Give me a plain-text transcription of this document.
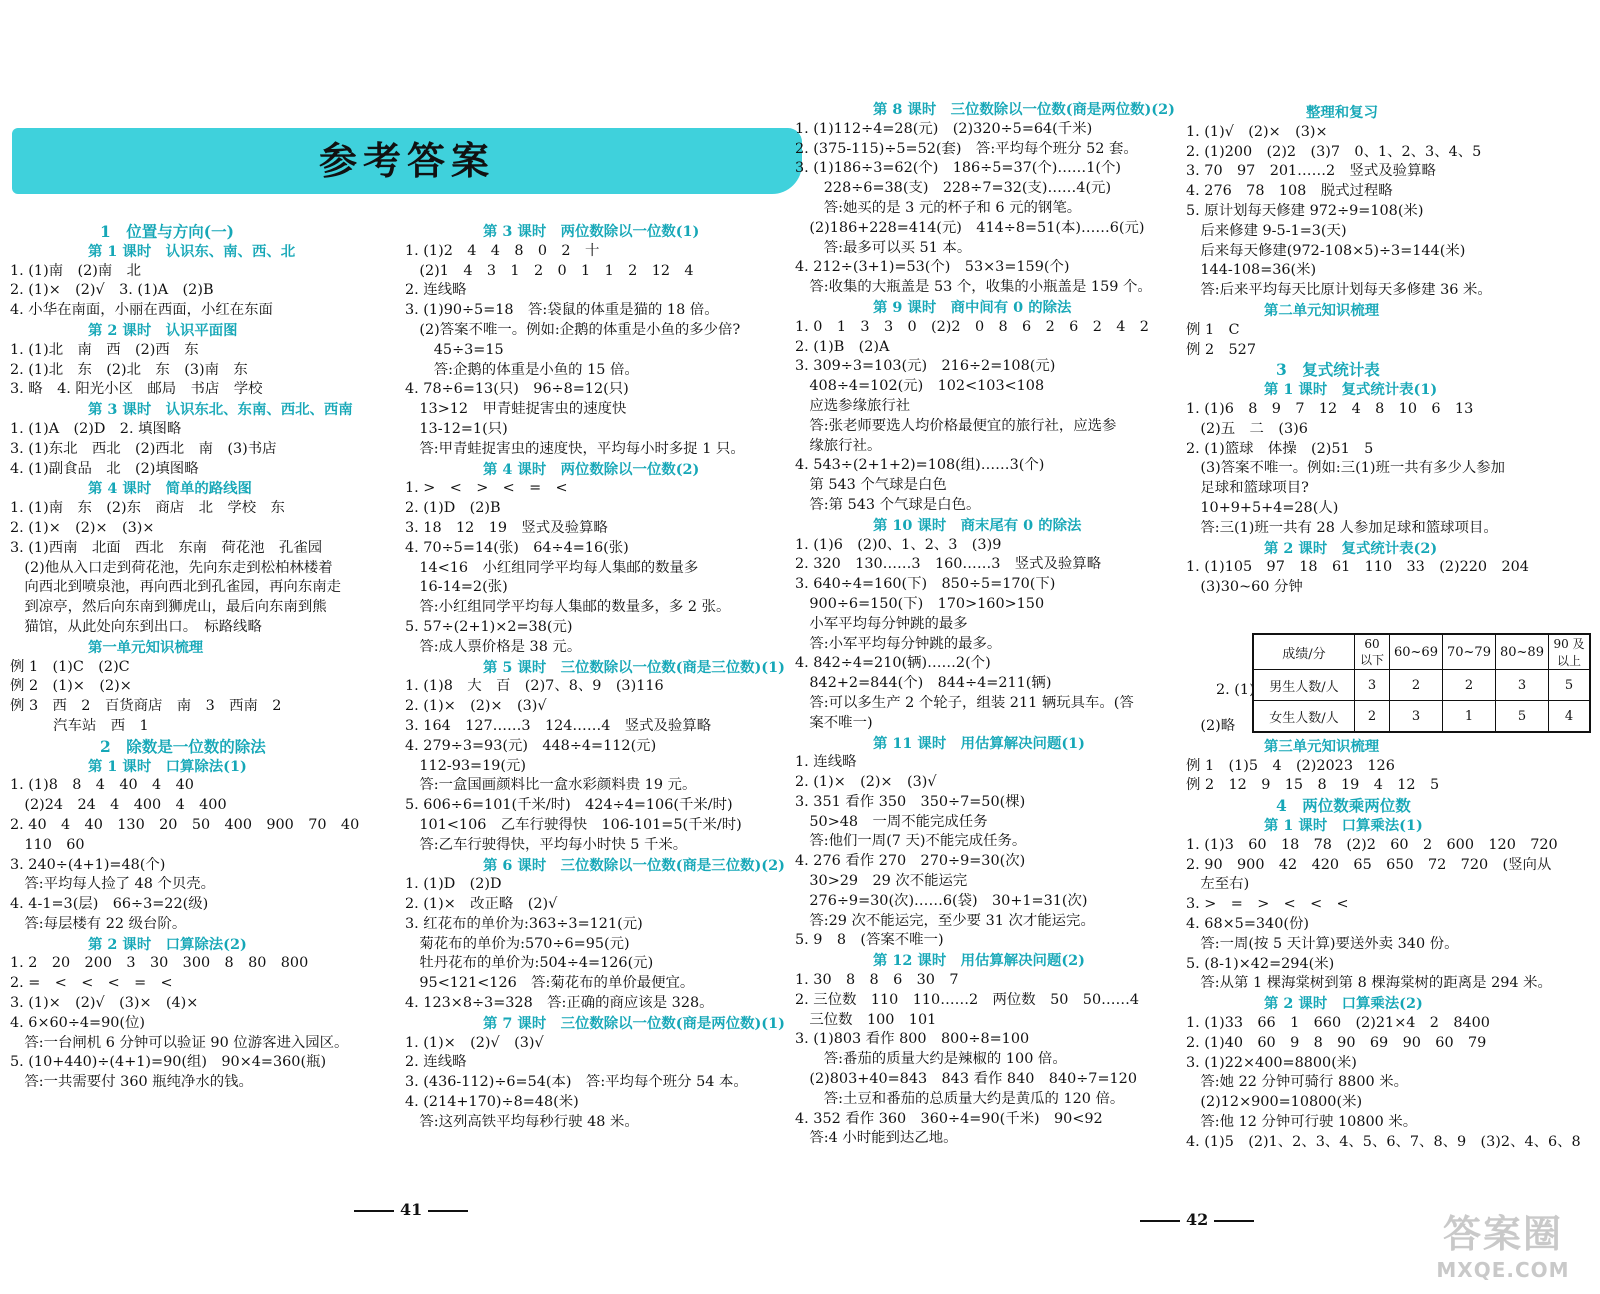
参考答案
1　位置与方向(一)
第 1 课时　认识东、南、西、北
1. (1)南　(2)南　北
2. (1)×　(2)√　3. (1)A　(2)B
4. 小华在南面，小丽在西面，小红在东面
第 2 课时　认识平面图
1. (1)北　南　西　(2)西　东
2. (1)北　东　(2)北　东　(3)南　东
3. 略　4. 阳光小区　邮局　书店　学校
第 3 课时　认识东北、东南、西北、西南
1. (1)A　(2)D　2. 填图略
3. (1)东北　西北　(2)西北　南　(3)书店
4. (1)副食品　北　(2)填图略
第 4 课时　简单的路线图
1. (1)南　东　(2)东　商店　北　学校　东
2. (1)×　(2)×　(3)×
3. (1)西南　北面　西北　东南　荷花池　孔雀园
　(2)他从入口走到荷花池，先向东走到松柏林楼着
　向西北到喷泉池，再向西北到孔雀园，再向东南走
　到凉亭，然后向东南到狮虎山，最后向东南到熊
　猫馆，从此处向东到出口。　标路线略
第一单元知识梳理
例 1　(1)C　(2)C
例 2　(1)×　(2)×
例 3　西　2　百货商店　南　3　西南　2
　　　汽车站　西　1
2　除数是一位数的除法
第 1 课时　口算除法(1)
1. (1)8　8　4　40　4　40
　(2)24　24　4　400　4　400
2. 40　4　40　130　20　50　400　900　70　40
　110　60
3. 240÷(4+1)=48(个)
　答:平均每人捡了 48 个贝壳。
4. 4-1=3(层)　66÷3=22(级)
　答:每层楼有 22 级台阶。
第 2 课时　口算除法(2)
1. 2　20　200　3　30　300　8　80　800
2. =　<　<　<　=　<
3. (1)×　(2)√　(3)×　(4)×
4. 6×60÷4=90(位)
　答:一台闸机 6 分钟可以验证 90 位游客进入园区。
5. (10+440)÷(4+1)=90(组)　90×4=360(瓶)
　答:一共需要付 360 瓶纯净水的钱。
第 3 课时　两位数除以一位数(1)
1. (1)2　4　4　8　0　2　十
　(2)1　4　3　1　2　0　1　1　2　12　4
2. 连线略
3. (1)90÷5=18　答:袋鼠的体重是猫的 18 倍。
　(2)答案不唯一。例如:企鹅的体重是小鱼的多少倍?
　　45÷3=15
　　答:企鹅的体重是小鱼的 15 倍。
4. 78÷6=13(只)　96÷8=12(只)
　13>12　甲青蛙捉害虫的速度快
　13-12=1(只)
　答:甲青蛙捉害虫的速度快，平均每小时多捉 1 只。
第 4 课时　两位数除以一位数(2)
1. >　<　>　<　=　<
2. (1)D　(2)B
3. 18　12　19　竖式及验算略
4. 70÷5=14(张)　64÷4=16(张)
　14<16　小红组同学平均每人集邮的数量多
　16-14=2(张)
　答:小红组同学平均每人集邮的数量多，多 2 张。
5. 57÷(2+1)×2=38(元)
　答:成人票价格是 38 元。
第 5 课时　三位数除以一位数(商是三位数)(1)
1. (1)8　大　百　(2)7、8、9　(3)116
2. (1)×　(2)×　(3)√
3. 164　127……3　124……4　竖式及验算略
4. 279÷3=93(元)　448÷4=112(元)
　112-93=19(元)
　答:一盒国画颜料比一盒水彩颜料贵 19 元。
5. 606÷6=101(千米/时)　424÷4=106(千米/时)
　101<106　乙车行驶得快　106-101=5(千米/时)
　答:乙车行驶得快，平均每小时快 5 千米。
第 6 课时　三位数除以一位数(商是三位数)(2)
1. (1)D　(2)D
2. (1)×　改正略　(2)√
3. 红花布的单价为:363÷3=121(元)
　菊花布的单价为:570÷6=95(元)
　牡丹花布的单价为:504÷4=126(元)
　95<121<126　答:菊花布的单价最便宜。
4. 123×8÷3=328　答:正确的商应该是 328。
第 7 课时　三位数除以一位数(商是两位数)(1)
1. (1)×　(2)√　(3)√
2. 连线略
3. (436-112)÷6=54(本)　答:平均每个班分 54 本。
4. (214+170)÷8=48(米)
　答:这列高铁平均每秒行驶 48 米。
第 8 课时　三位数除以一位数(商是两位数)(2)
1. (1)112÷4=28(元)　(2)320÷5=64(千米)
2. (375-115)÷5=52(套)　答:平均每个班分 52 套。
3. (1)186÷3=62(个)　186÷5=37(个)……1(个)
　　228÷6=38(支)　228÷7=32(支)……4(元)
　　答:她买的是 3 元的杯子和 6 元的钢笔。
　(2)186+228=414(元)　414÷8=51(本)……6(元)
　　答:最多可以买 51 本。
4. 212÷(3+1)=53(个)　53×3=159(个)
　答:收集的大瓶盖是 53 个，收集的小瓶盖是 159 个。
第 9 课时　商中间有 0 的除法
1. 0　1　3　3　0　(2)2　0　8　6　2　6　2　4　2
2. (1)B　(2)A
3. 309÷3=103(元)　216÷2=108(元)
　408÷4=102(元)　102<103<108
　应选参缘旅行社
　答:张老师要选人均价格最便宜的旅行社，应选参
　缘旅行社。
4. 543÷(2+1+2)=108(组)……3(个)
　第 543 个气球是白色
　答:第 543 个气球是白色。
第 10 课时　商末尾有 0 的除法
1. (1)6　(2)0、1、2、3　(3)9
2. 320　130……3　160……3　竖式及验算略
3. 640÷4=160(下)　850÷5=170(下)
　900÷6=150(下)　170>160>150
　小军平均每分钟跳的最多
　答:小军平均每分钟跳的最多。
4. 842÷4=210(辆)……2(个)
　842+2=844(个)　844÷4=211(辆)
　答:可以多生产 2 个轮子，组装 211 辆玩具车。(答
　案不唯一)
第 11 课时　用估算解决问题(1)
1. 连线略
2. (1)×　(2)×　(3)√
3. 351 看作 350　350÷7=50(棵)
　50>48　一周不能完成任务
　答:他们一周(7 天)不能完成任务。
4. 276 看作 270　270÷9=30(次)
　30>29　29 次不能运完
　276÷9=30(次)……6(袋)　30+1=31(次)
　答:29 次不能运完，至少要 31 次才能运完。
5. 9　8　(答案不唯一)
第 12 课时　用估算解决问题(2)
1. 30　8　8　6　30　7
2. 三位数　110　110……2　两位数　50　50……4
　三位数　100　101
3. (1)803 看作 800　800÷8=100
　　答:番茄的质量大约是辣椒的 100 倍。
　(2)803+40=843　843 看作 840　840÷7=120
　　答:土豆和番茄的总质量大约是黄瓜的 120 倍。
4. 352 看作 360　360÷4=90(千米)　90<92
　答:4 小时能到达乙地。
整理和复习
1. (1)√　(2)×　(3)×
2. (1)200　(2)2　(3)7　0、1、2、3、4、5
3. 70　97　201……2　竖式及验算略
4. 276　78　108　脱式过程略
5. 原计划每天修建 972÷9=108(米)
　后来修建 9-5-1=3(天)
　后来每天修建(972-108×5)÷3=144(米)
　144-108=36(米)
　答:后来平均每天比原计划每天多修建 36 米。
第二单元知识梳理
例 1　C
例 2　527
3　复式统计表
第 1 课时　复式统计表(1)
1. (1)6　8　9　7　12　4　8　10　6　13
　(2)五　二　(3)6
2. (1)篮球　体操　(2)51　5
　(3)答案不唯一。例如:三(1)班一共有多少人参加
　足球和篮球项目?
　10+9+5+4=28(人)
　答:三(1)班一共有 28 人参加足球和篮球项目。
第 2 课时　复式统计表(2)
1. (1)105　97　18　61　110　33　(2)220　204
　(3)30~60 分钟
2. (1)
成绩/分	60 以下	60~69	70~79	80~89	90 及以上
男生人数/人	3	2	2	3	5
女生人数/人	2	3	1	5	4
　(2)略
第三单元知识梳理
例 1　(1)5　4　(2)2023　126
例 2　12　9　15　8　19　4　12　5
4　两位数乘两位数
第 1 课时　口算乘法(1)
1. (1)3　60　18　78　(2)2　60　2　600　120　720
2. 90　900　42　420　65　650　72　720　(竖向从
　左至右)
3. >　=　>　<　<　<
4. 68×5=340(份)
　答:一周(按 5 天计算)要送外卖 340 份。
5. (8-1)×42=294(米)
　答:从第 1 棵海棠树到第 8 棵海棠树的距离是 294 米。
第 2 课时　口算乘法(2)
1. (1)33　66　1　660　(2)21×4　2　8400
2. (1)40　60　9　8　90　69　90　60　79
3. (1)22×400=8800(米)
　答:她 22 分钟可骑行 8800 米。
　(2)12×900=10800(米)
　答:他 12 分钟可行驶 10800 米。
4. (1)5　(2)1、2、3、4、5、6、7、8、9　(3)2、4、6、8
41
42	答案圈
MXQE.COM
